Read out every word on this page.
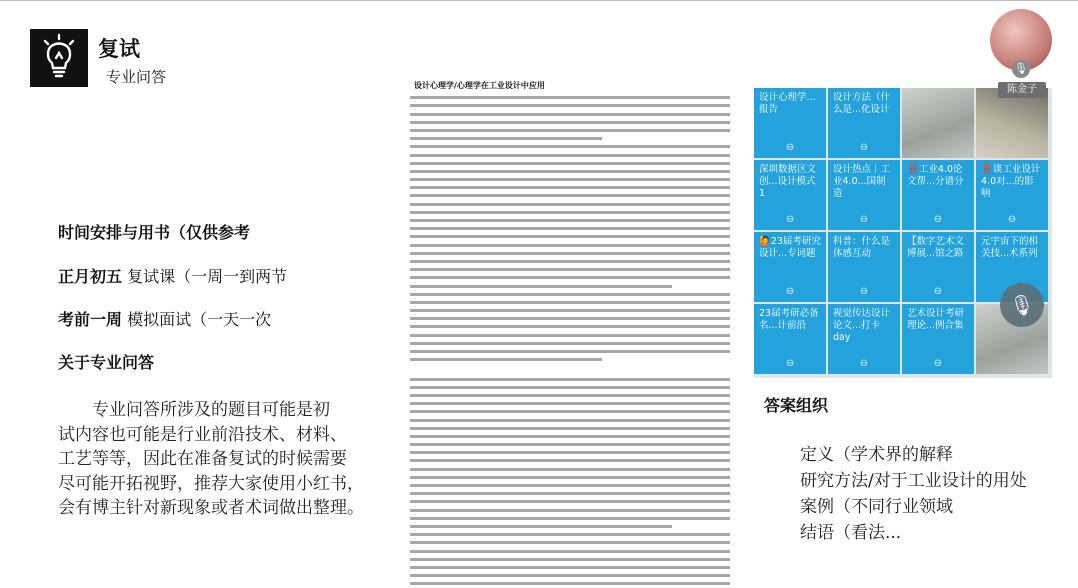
复试
专业问答
时间安排与用书（仅供参考
正月初五 复试课（一周一到两节
考前一周 模拟面试（一天一次
关于专业问答
　　专业问答所涉及的题目可能是初
试内容也可能是行业前沿技术、材料、
工艺等等，因此在准备复试的时候需要
尽可能开拓视野，推荐大家使用小红书，
会有博主针对新现象或者术词做出整理。
设计心理学/心理学在工业设计中应用
设计心理学...报告
⊖
设计方法（什么是...化设计
⊖
深圳数据区文创...设计模式1
⊖
设计热点｜工业4.0...国制造
⊖
‼️工业4.0论文帮...分谱分
⊖
‼️谈工业设计4.0对...的影响
⊖
🙋23届考研究设计...专词题
⊖
科普：什么是体感互动
⊖
【数字艺术文博展...馆之路
⊖
元宇宙下的相关技...术系列
23届考研必备名...计前沿
⊖
视觉传达设计论文...打卡day
⊖
艺术设计考研理论...例合集
⊖
🎙
陈金子
🎙
答案组织
定义（学术界的解释
研究方法/对于工业设计的用处
案例（不同行业领域
结语（看法...
